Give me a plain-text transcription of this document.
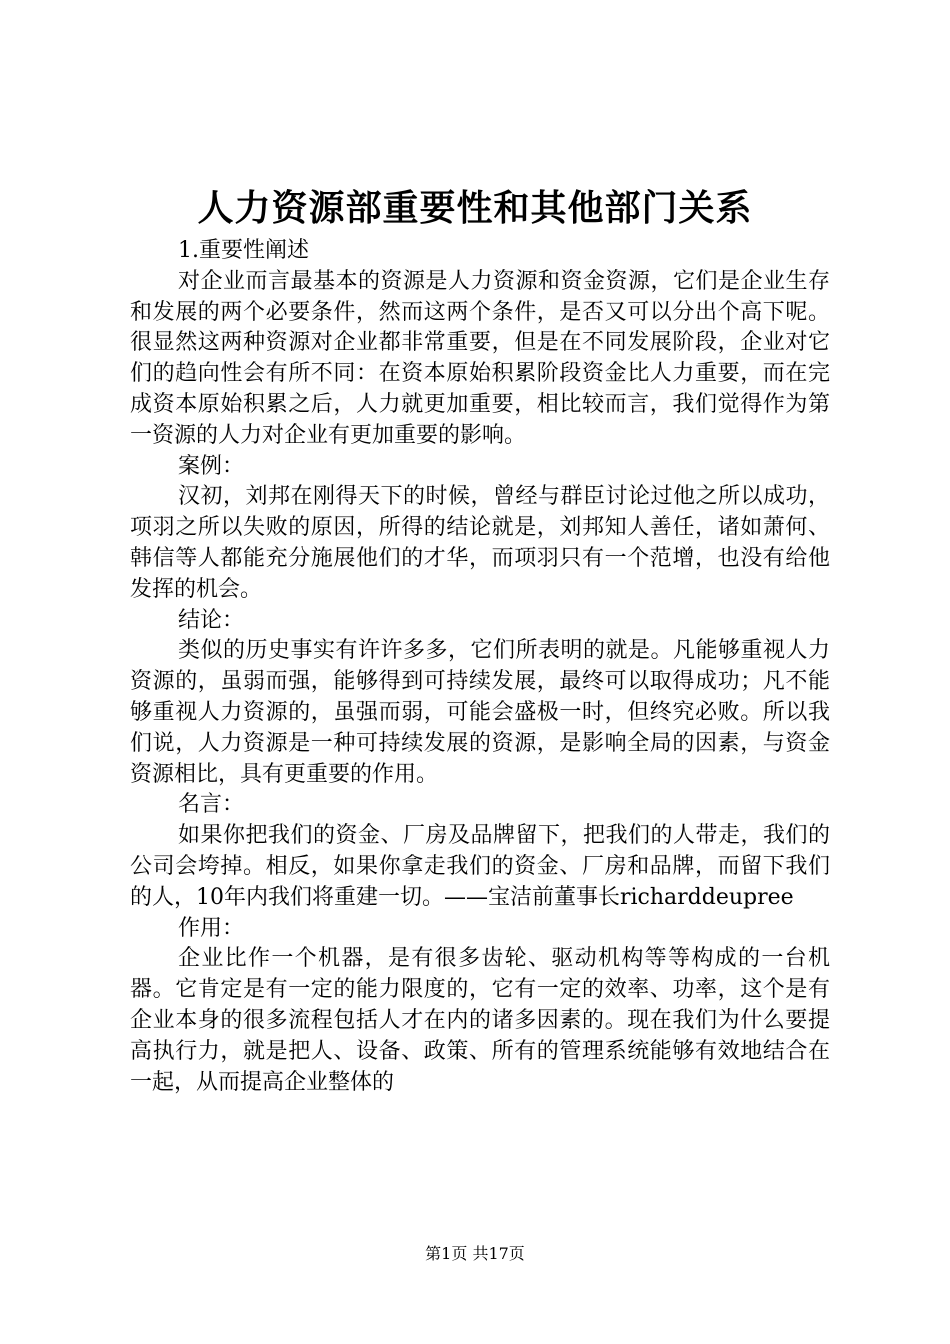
人力资源部重要性和其他部门关系

1.重要性阐述

对企业而言最基本的资源是人力资源和资金资源，它们是企业生存和发展的两个必要条件，然而这两个条件，是否又可以分出个高下呢。很显然这两种资源对企业都非常重要，但是在不同发展阶段，企业对它们的趋向性会有所不同：在资本原始积累阶段资金比人力重要，而在完成资本原始积累之后，人力就更加重要，相比较而言，我们觉得作为第一资源的人力对企业有更加重要的影响。

案例：

汉初，刘邦在刚得天下的时候，曾经与群臣讨论过他之所以成功，项羽之所以失败的原因，所得的结论就是，刘邦知人善任，诸如萧何、韩信等人都能充分施展他们的才华，而项羽只有一个范增，也没有给他发挥的机会。

结论：

类似的历史事实有许许多多，它们所表明的就是。凡能够重视人力资源的，虽弱而强，能够得到可持续发展，最终可以取得成功；凡不能够重视人力资源的，虽强而弱，可能会盛极一时，但终究必败。所以我们说，人力资源是一种可持续发展的资源，是影响全局的因素，与资金资源相比，具有更重要的作用。

名言：

如果你把我们的资金、厂房及品牌留下，把我们的人带走，我们的公司会垮掉。相反，如果你拿走我们的资金、厂房和品牌，而留下我们的人，10年内我们将重建一切。——宝洁前董事长richarddeupree

作用：

企业比作一个机器，是有很多齿轮、驱动机构等等构成的一台机器。它肯定是有一定的能力限度的，它有一定的效率、功率，这个是有企业本身的很多流程包括人才在内的诸多因素的。现在我们为什么要提高执行力，就是把人、设备、政策、所有的管理系统能够有效地结合在一起，从而提高企业整体的

第1页 共17页
